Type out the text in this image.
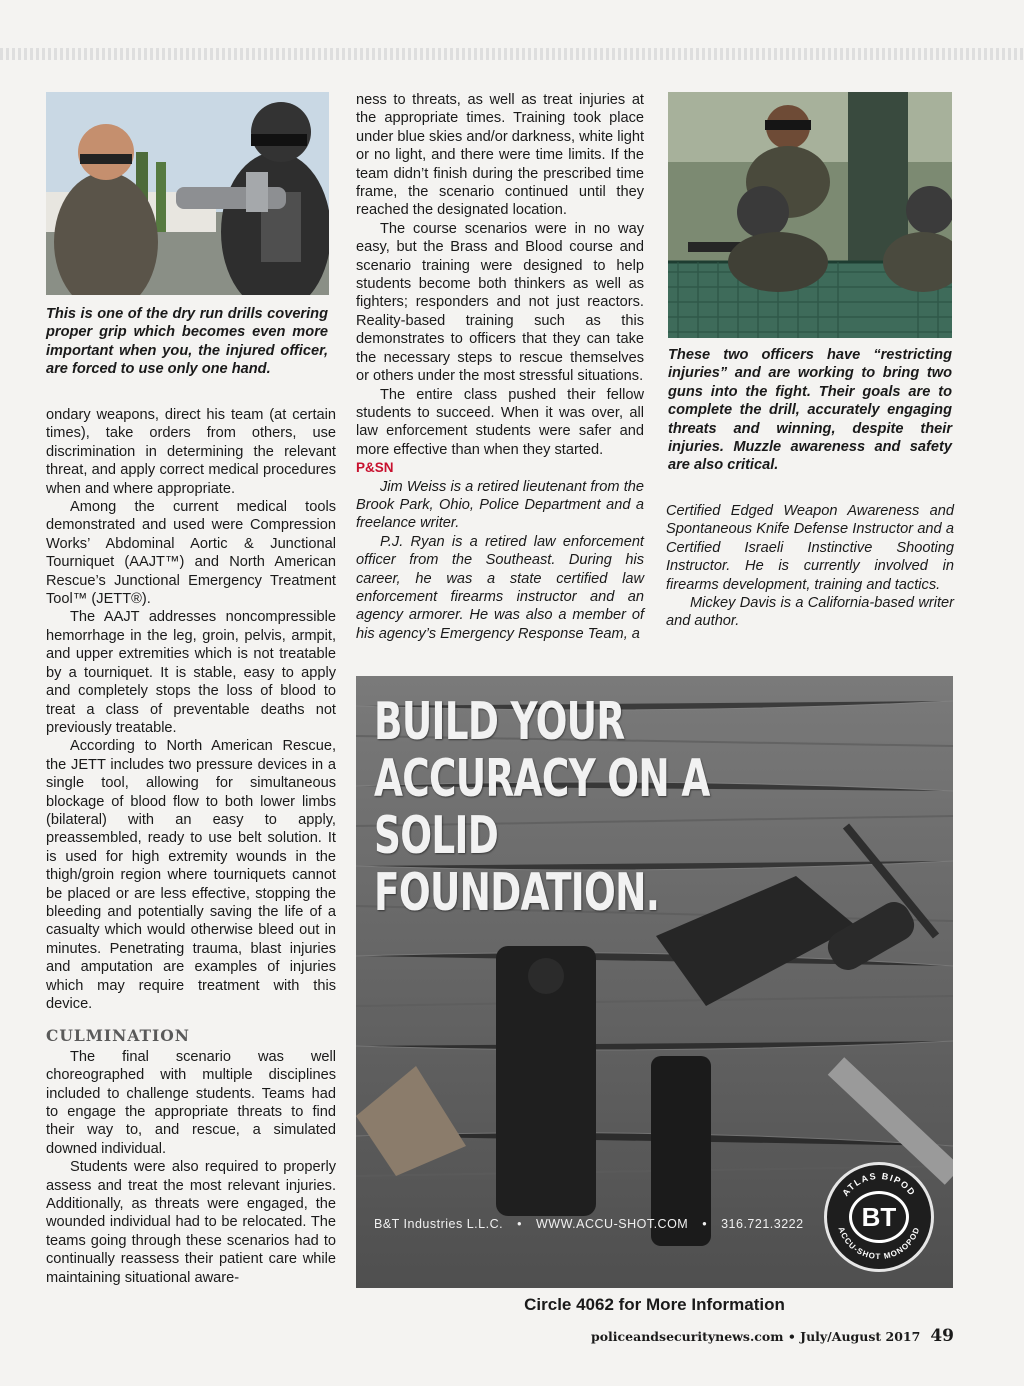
This is one of the dry run drills covering proper grip which becomes even more important when you, the injured officer, are forced to use only one hand.
These two officers have “restricting injuries” and are working to bring two guns into the fight. Their goals are to complete the drill, accurately engaging threats and winning, despite their injuries. Muzzle awareness and safety are also critical.

ondary weapons, direct his team (at certain times), take orders from others, use discrimination in determining the relevant threat, and apply correct medical procedures when and where appropriate.

Among the current medical tools demonstrated and used were Compression Works’ Abdominal Aortic & Junctional Tourniquet (AAJT™) and North American Rescue’s Junctional Emergency Treatment Tool™ (JETT®).

The AAJT addresses noncompressible hemorrhage in the leg, groin, pelvis, armpit, and upper extremities which is not treatable by a tourniquet. It is stable, easy to apply and completely stops the loss of blood to treat a class of preventable deaths not previously treatable.

According to North American Rescue, the JETT includes two pressure devices in a single tool, allowing for simultaneous blockage of blood flow to both lower limbs (bilateral) with an easy to apply, preassembled, ready to use belt solution. It is used for high extremity wounds in the thigh/groin region where tourniquets cannot be placed or are less effective, stopping the bleeding and potentially saving the life of a casualty which would otherwise bleed out in minutes. Penetrating trauma, blast injuries and amputation are examples of injuries which may require treatment with this device.

CULMINATION

The final scenario was well choreographed with multiple disciplines included to challenge students. Teams had to engage the appropriate threats to find their way to, and rescue, a simulated downed individual.

Students were also required to properly assess and treat the most relevant injuries. Additionally, as threats were engaged, the wounded individual had to be relocated. The teams going through these scenarios had to continually reassess their patient care while maintaining situational aware-

ness to threats, as well as treat injuries at the appropriate times. Training took place under blue skies and/or darkness, white light or no light, and there were time limits. If the team didn’t finish during the prescribed time frame, the scenario continued until they reached the designated location.

The course scenarios were in no way easy, but the Brass and Blood course and scenario training were designed to help students become both thinkers as well as fighters; responders and not just reactors. Reality-based training such as this demonstrates to officers that they can take the necessary steps to rescue themselves or others under the most stressful situations.

The entire class pushed their fellow students to succeed. When it was over, all law enforcement students were safer and more effective than when they started.

P&SN

Jim Weiss is a retired lieutenant from the Brook Park, Ohio, Police Department and a freelance writer.

P.J. Ryan is a retired law enforcement officer from the Southeast. During his career, he was a state certified law enforcement firearms instructor and an agency armorer. He was also a member of his agency’s Emergency Response Team, a

Certified Edged Weapon Awareness and Spontaneous Knife Defense Instructor and a Certified Israeli Instinctive Shooting Instructor. He is currently involved in firearms development, training and tactics.

Mickey Davis is a California-based writer and author.

BUILD YOUR
ACCURACY ON A
SOLID FOUNDATION.
B&T Industries L.L.C. • WWW.ACCU-SHOT.COM • 316.721.3222
ATLAS BIPOD
ACCU-SHOT MONOPOD
BT
Circle 4062 for More Information
policeandsecuritynews.com • July/August 2017 49
